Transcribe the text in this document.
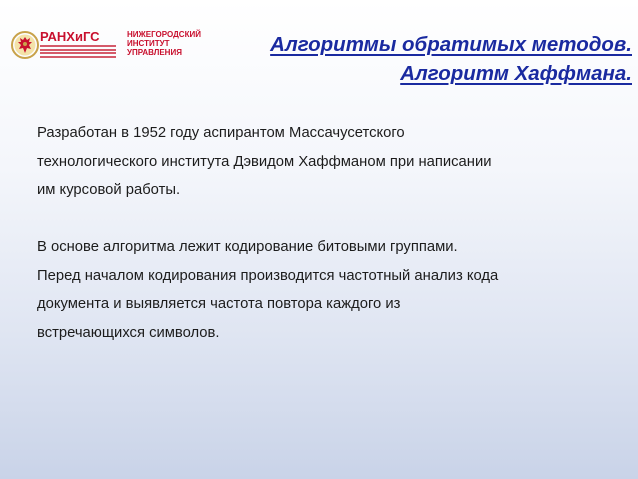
РАНХиГС	НИЖЕГОРОДСКИЙ
ИНСТИТУТ
УПРАВЛЕНИЯ	Алгоритмы обратимых методов.
Алгоритм Хаффмана.
Разработан в 1952 году аспирантом Массачусетского
технологического института Дэвидом Хаффманом при написании
им курсовой работы.
В основе алгоритма лежит кодирование битовыми группами.
Перед началом кодирования производится частотный анализ кода
документа и выявляется частота повтора каждого из
встречающихся символов.
